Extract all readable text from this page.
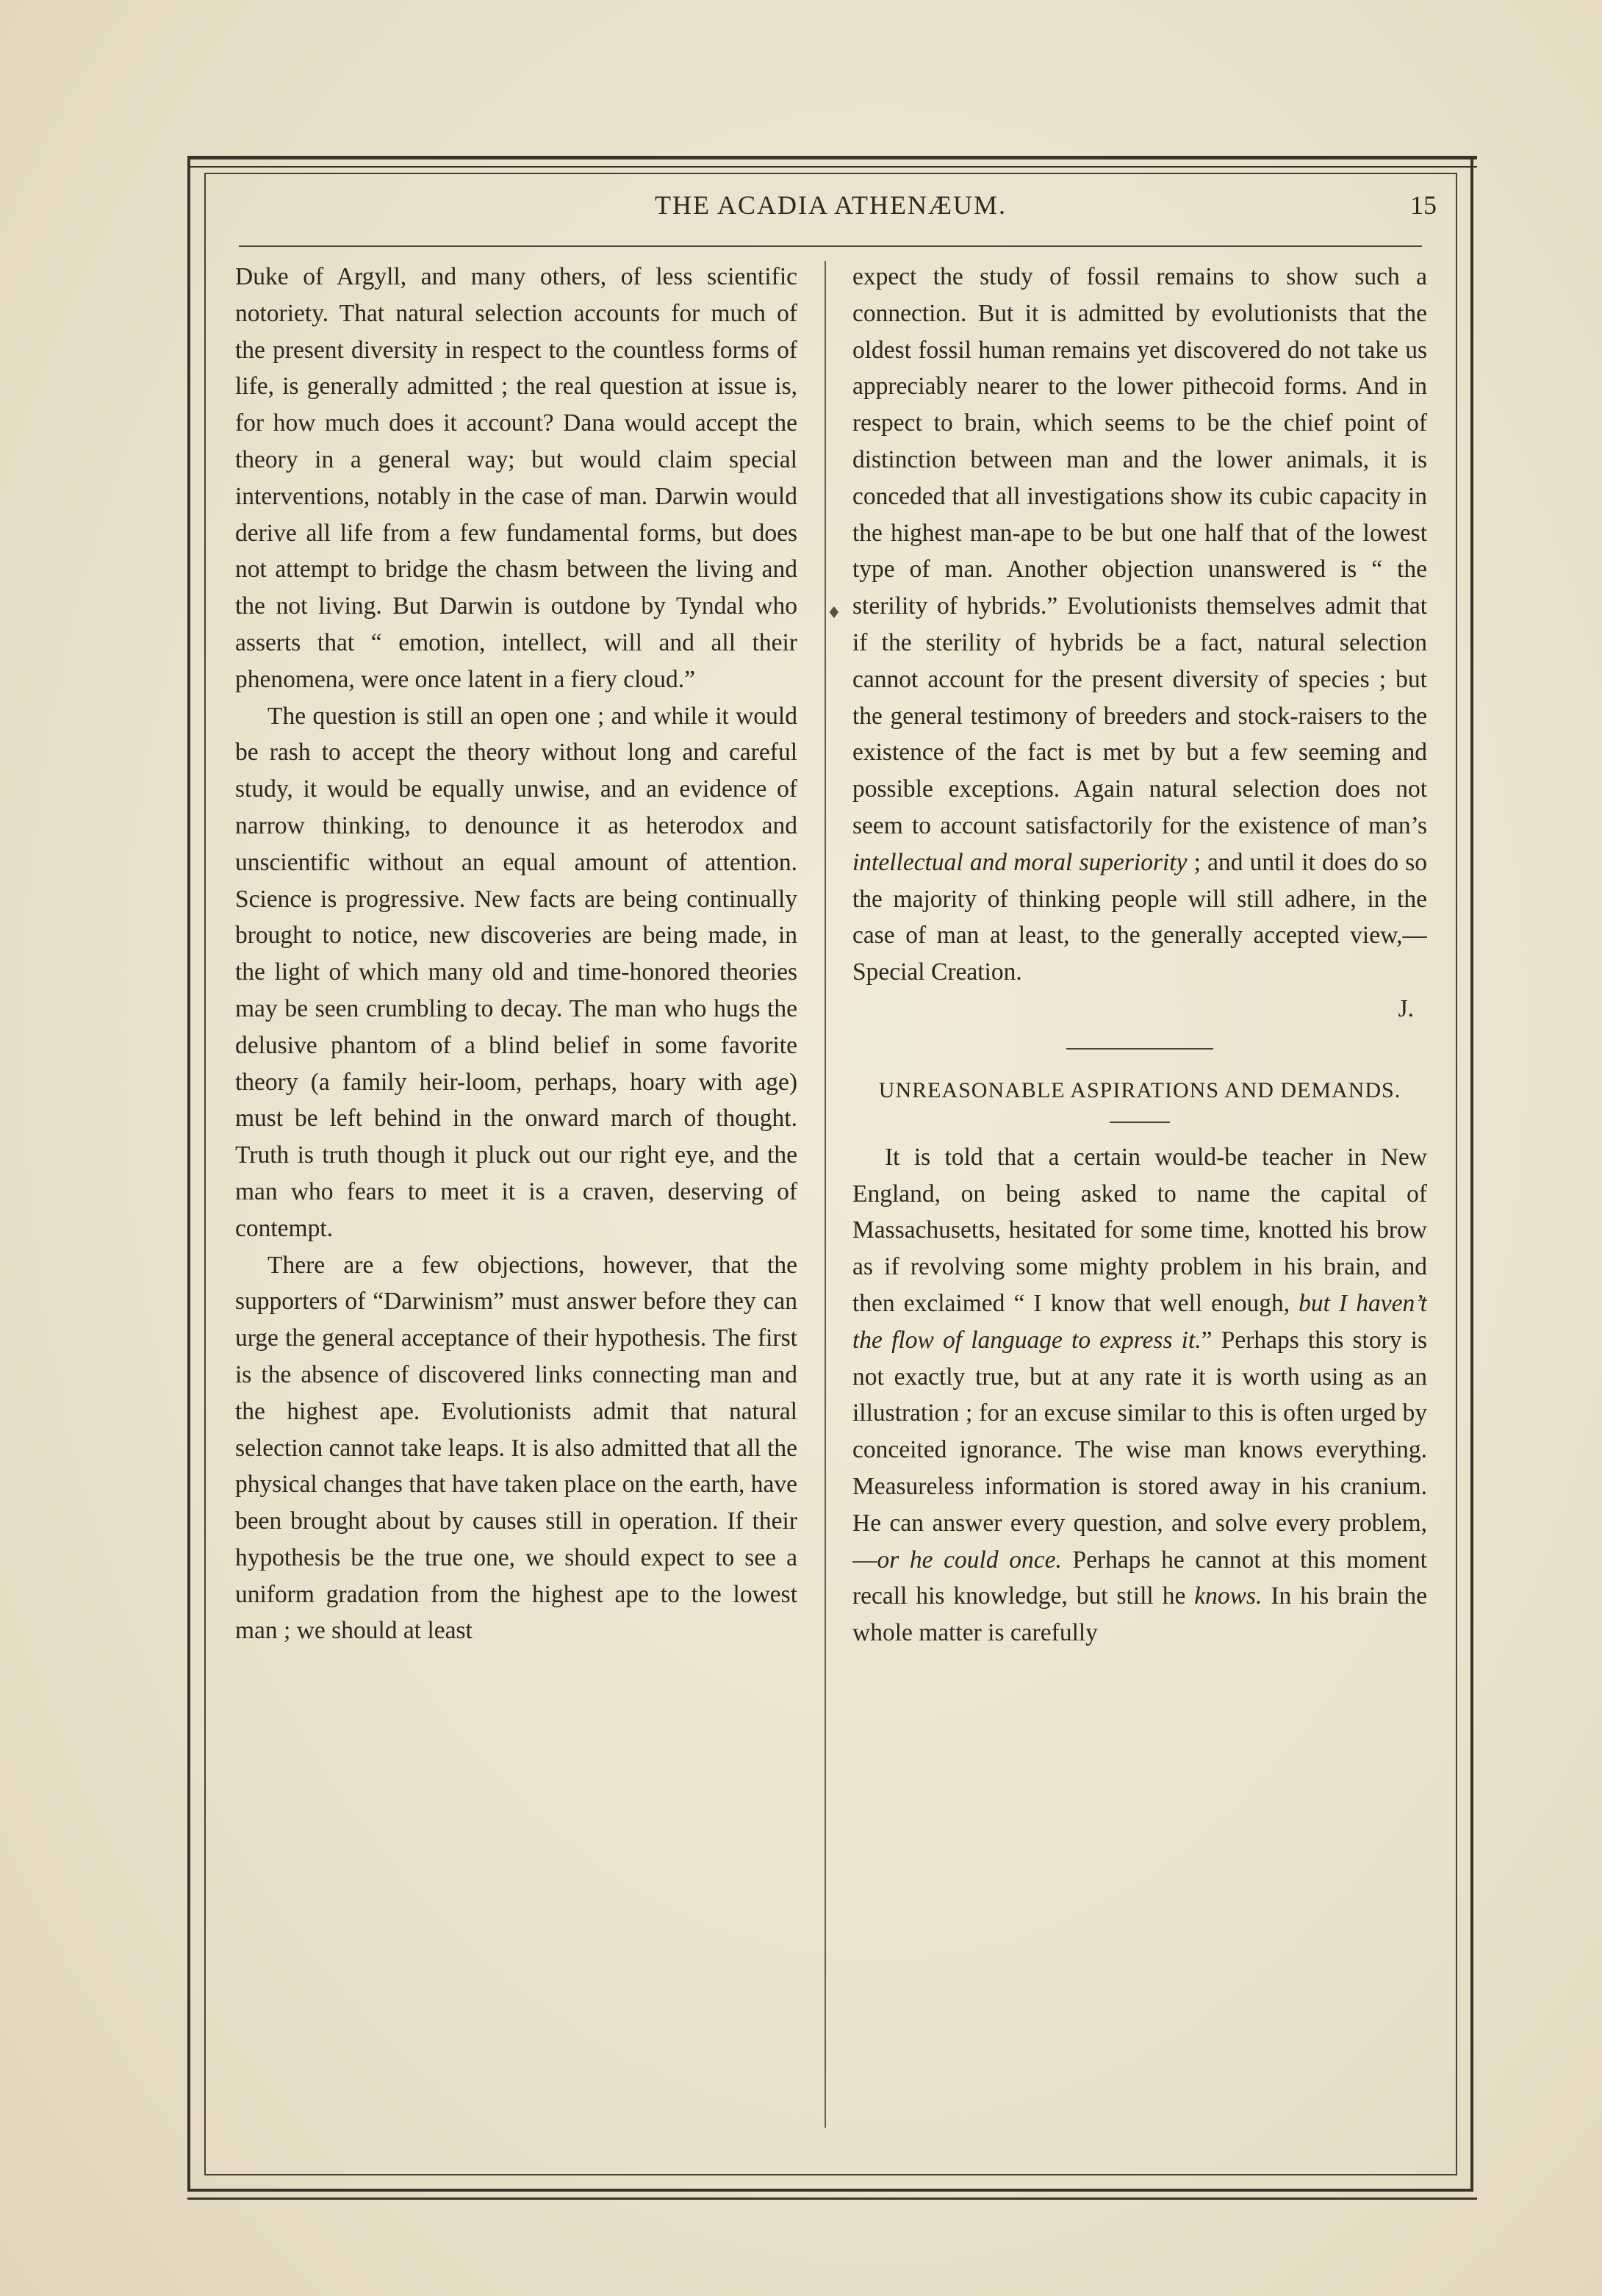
THE ACADIA ATHENÆUM.	15
♦

Duke of Argyll, and many others, of less scientific notoriety. That natural selection accounts for much of the present diversity in respect to the countless forms of life, is generally admitted ; the real question at issue is, for how much does it account? Dana would accept the theory in a general way; but would claim special interventions, notably in the case of man. Darwin would derive all life from a few fundamental forms, but does not attempt to bridge the chasm between the living and the not living. But Darwin is outdone by Tyndal who asserts that “ emotion, intellect, will and all their phenomena, were once latent in a fiery cloud.”

The question is still an open one ; and while it would be rash to accept the theory without long and careful study, it would be equally unwise, and an evidence of narrow thinking, to denounce it as heterodox and unscientific without an equal amount of attention. Science is progressive. New facts are being continually brought to notice, new discoveries are being made, in the light of which many old and time-honored theories may be seen crumbling to decay. The man who hugs the delusive phantom of a blind belief in some favorite theory (a family heir-loom, perhaps, hoary with age) must be left behind in the onward march of thought. Truth is truth though it pluck out our right eye, and the man who fears to meet it is a craven, deserving of contempt.

There are a few objections, however, that the supporters of “Darwinism” must answer before they can urge the general acceptance of their hypothesis. The first is the absence of discovered links connecting man and the highest ape. Evolutionists admit that natural selection cannot take leaps. It is also admitted that all the physical changes that have taken place on the earth, have been brought about by causes still in operation. If their hypothesis be the true one, we should expect to see a uniform gradation from the highest ape to the lowest man ; we should at least

expect the study of fossil remains to show such a connection. But it is admitted by evolutionists that the oldest fossil human remains yet discovered do not take us appreciably nearer to the lower pithecoid forms. And in respect to brain, which seems to be the chief point of distinction between man and the lower animals, it is conceded that all investigations show its cubic capacity in the highest man-ape to be but one half that of the lowest type of man. Another objection unanswered is “ the sterility of hybrids.” Evolutionists themselves admit that if the sterility of hybrids be a fact, natural selection cannot account for the present diversity of species ; but the general testimony of breeders and stock-raisers to the existence of the fact is met by but a few seeming and possible exceptions. Again natural selection does not seem to account satisfactorily for the existence of man’s intellectual and moral superiority ; and until it does do so the majority of thinking people will still adhere, in the case of man at least, to the generally accepted view,—Special Creation.

J.

UNREASONABLE ASPIRATIONS AND DEMANDS.

It is told that a certain would-be teacher in New England, on being asked to name the capital of Massachusetts, hesitated for some time, knotted his brow as if revolving some mighty problem in his brain, and then exclaimed “ I know that well enough, but I haven’t the flow of language to express it.” Perhaps this story is not exactly true, but at any rate it is worth using as an illustration ; for an excuse similar to this is often urged by conceited ignorance. The wise man knows everything. Measureless information is stored away in his cranium. He can answer every question, and solve every problem,—or he could once. Perhaps he cannot at this moment recall his knowledge, but still he knows. In his brain the whole matter is carefully
